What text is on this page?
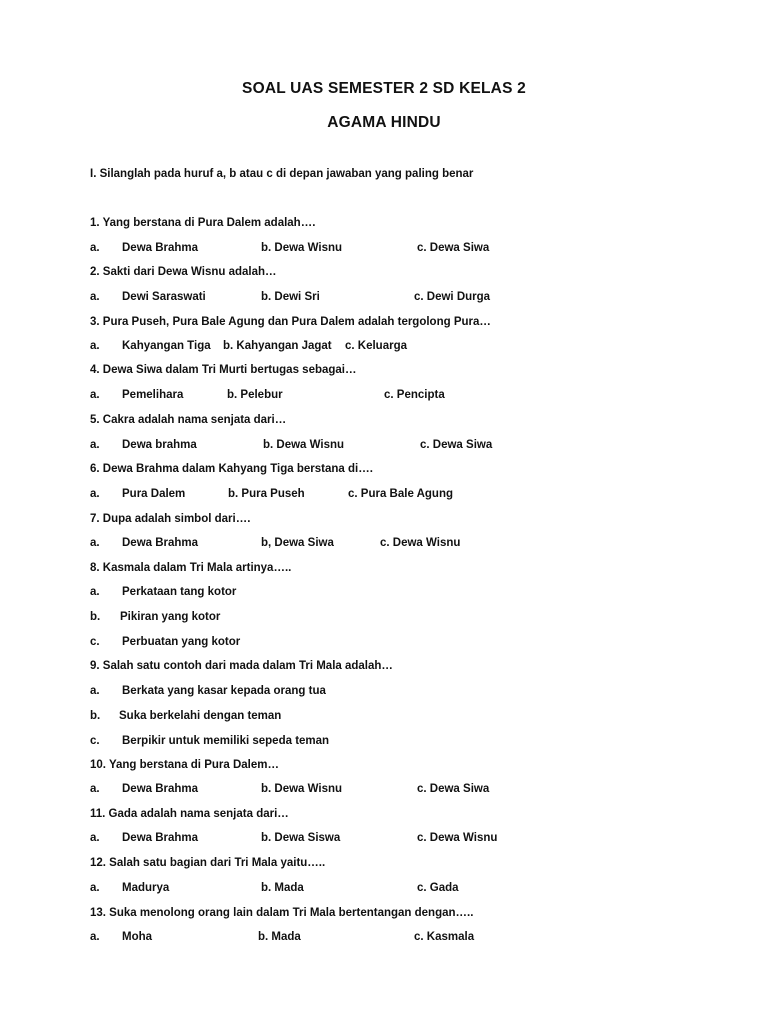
SOAL UAS SEMESTER 2 SD KELAS 2
AGAMA HINDU
I. Silanglah pada huruf a, b atau c di depan jawaban yang paling benar
1. Yang berstana di Pura Dalem adalah….
a. Dewa Brahma	b. Dewa Wisnu	c. Dewa Siwa
2. Sakti dari Dewa Wisnu adalah…
a. Dewi Saraswati	b. Dewi Sri	c. Dewi Durga
3. Pura Puseh, Pura Bale Agung dan Pura Dalem adalah tergolong Pura…
a. Kahyangan Tiga b. Kahyangan Jagat c. Keluarga
4. Dewa Siwa dalam Tri Murti bertugas sebagai…
a. Pemelihara	b. Pelebur	c. Pencipta
5. Cakra adalah nama senjata dari…
a. Dewa brahma	b. Dewa Wisnu	c. Dewa Siwa
6. Dewa Brahma dalam Kahyang Tiga berstana di….
a. Pura Dalem	b. Pura Puseh	c. Pura Bale Agung
7. Dupa adalah simbol dari….
a. Dewa Brahma	b, Dewa Siwa	c. Dewa Wisnu
8. Kasmala dalam Tri Mala artinya…..
a. Perkataan tang kotor
b. Pikiran yang kotor
c. Perbuatan yang kotor
9. Salah satu contoh dari mada dalam Tri Mala adalah…
a. Berkata yang kasar kepada orang tua
b. Suka berkelahi dengan teman
c. Berpikir untuk memiliki sepeda teman
10. Yang berstana di Pura Dalem…
a. Dewa Brahma	b. Dewa Wisnu	c. Dewa Siwa
11. Gada adalah nama senjata dari…
a. Dewa Brahma	b. Dewa Siswa	c. Dewa Wisnu
12. Salah satu bagian dari Tri Mala yaitu…..
a. Madurya	b. Mada	c. Gada
13. Suka menolong orang lain dalam Tri Mala bertentangan dengan…..
a. Moha	b. Mada	c. Kasmala
